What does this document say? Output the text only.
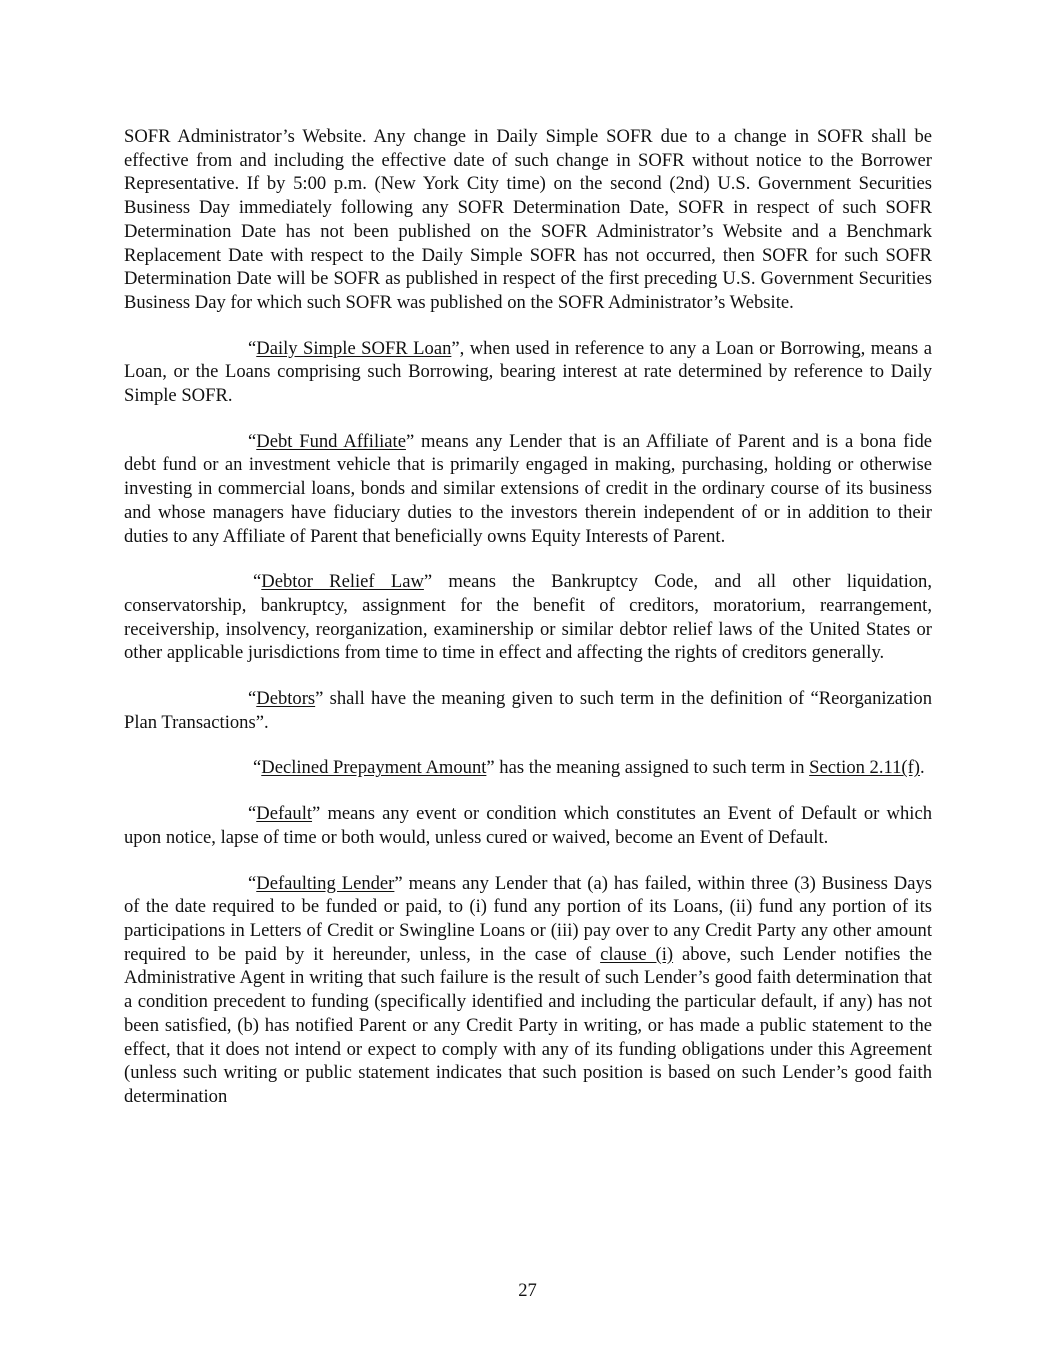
SOFR Administrator’s Website. Any change in Daily Simple SOFR due to a change in SOFR shall be effective from and including the effective date of such change in SOFR without notice to the Borrower Representative. If by 5:00 p.m. (New York City time) on the second (2nd) U.S. Government Securities Business Day immediately following any SOFR Determination Date, SOFR in respect of such SOFR Determination Date has not been published on the SOFR Administrator’s Website and a Benchmark Replacement Date with respect to the Daily Simple SOFR has not occurred, then SOFR for such SOFR Determination Date will be SOFR as published in respect of the first preceding U.S. Government Securities Business Day for which such SOFR was published on the SOFR Administrator’s Website.

“Daily Simple SOFR Loan”, when used in reference to any a Loan or Borrowing, means a Loan, or the Loans comprising such Borrowing, bearing interest at rate determined by reference to Daily Simple SOFR.

“Debt Fund Affiliate” means any Lender that is an Affiliate of Parent and is a bona fide debt fund or an investment vehicle that is primarily engaged in making, purchasing, holding or otherwise investing in commercial loans, bonds and similar extensions of credit in the ordinary course of its business and whose managers have fiduciary duties to the investors therein independent of or in addition to their duties to any Affiliate of Parent that beneficially owns Equity Interests of Parent.

“Debtor Relief Law” means the Bankruptcy Code, and all other liquidation, conservatorship, bankruptcy, assignment for the benefit of creditors, moratorium, rearrangement, receivership, insolvency, reorganization, examinership or similar debtor relief laws of the United States or other applicable jurisdictions from time to time in effect and affecting the rights of creditors generally.

“Debtors” shall have the meaning given to such term in the definition of “Reorganization Plan Transactions”.

“Declined Prepayment Amount” has the meaning assigned to such term in Section 2.11(f).

“Default” means any event or condition which constitutes an Event of Default or which upon notice, lapse of time or both would, unless cured or waived, become an Event of Default.

“Defaulting Lender” means any Lender that (a) has failed, within three (3) Business Days of the date required to be funded or paid, to (i) fund any portion of its Loans, (ii) fund any portion of its participations in Letters of Credit or Swingline Loans or (iii) pay over to any Credit Party any other amount required to be paid by it hereunder, unless, in the case of clause (i) above, such Lender notifies the Administrative Agent in writing that such failure is the result of such Lender’s good faith determination that a condition precedent to funding (specifically identified and including the particular default, if any) has not been satisfied, (b) has notified Parent or any Credit Party in writing, or has made a public statement to the effect, that it does not intend or expect to comply with any of its funding obligations under this Agreement (unless such writing or public statement indicates that such position is based on such Lender’s good faith determination

27
